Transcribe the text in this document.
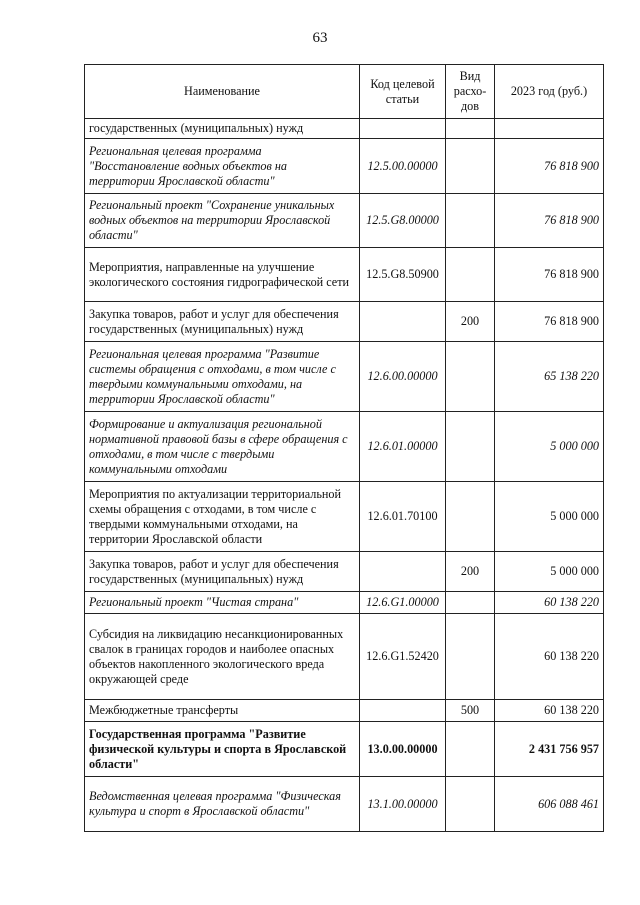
63
Наименование	Код целевой статьи	Вид расхо-дов	2023 год (руб.)
государственных (муниципальных) нужд			
Региональная целевая программа "Восстановление водных объектов на территории Ярославской области"	12.5.00.00000		76 818 900
Региональный проект "Сохранение уникальных водных объектов на территории Ярославской области"	12.5.G8.00000		76 818 900
Мероприятия, направленные на улучшение экологического состояния гидрографической сети	12.5.G8.50900		76 818 900
Закупка товаров, работ и услуг для обеспечения государственных (муниципальных) нужд		200	76 818 900
Региональная целевая программа "Развитие системы обращения с отходами, в том числе с твердыми коммунальными отходами, на территории Ярославской области"	12.6.00.00000		65 138 220
Формирование и актуализация региональной нормативной правовой базы в сфере обращения с отходами, в том числе с твердыми коммунальными отходами	12.6.01.00000		5 000 000
Мероприятия по актуализации территориальной схемы обращения с отходами, в том числе с твердыми коммунальными отходами, на территории Ярославской области	12.6.01.70100		5 000 000
Закупка товаров, работ и услуг для обеспечения государственных (муниципальных) нужд		200	5 000 000
Региональный проект "Чистая страна"	12.6.G1.00000		60 138 220
Субсидия на ликвидацию несанкционированных свалок в границах городов и наиболее опасных объектов накопленного экологического вреда окружающей среде	12.6.G1.52420		60 138 220
Межбюджетные трансферты		500	60 138 220
Государственная программа "Развитие физической культуры и спорта в Ярославской области"	13.0.00.00000		2 431 756 957
Ведомственная целевая программа "Физическая культура и спорт в Ярославской области"	13.1.00.00000		606 088 461
